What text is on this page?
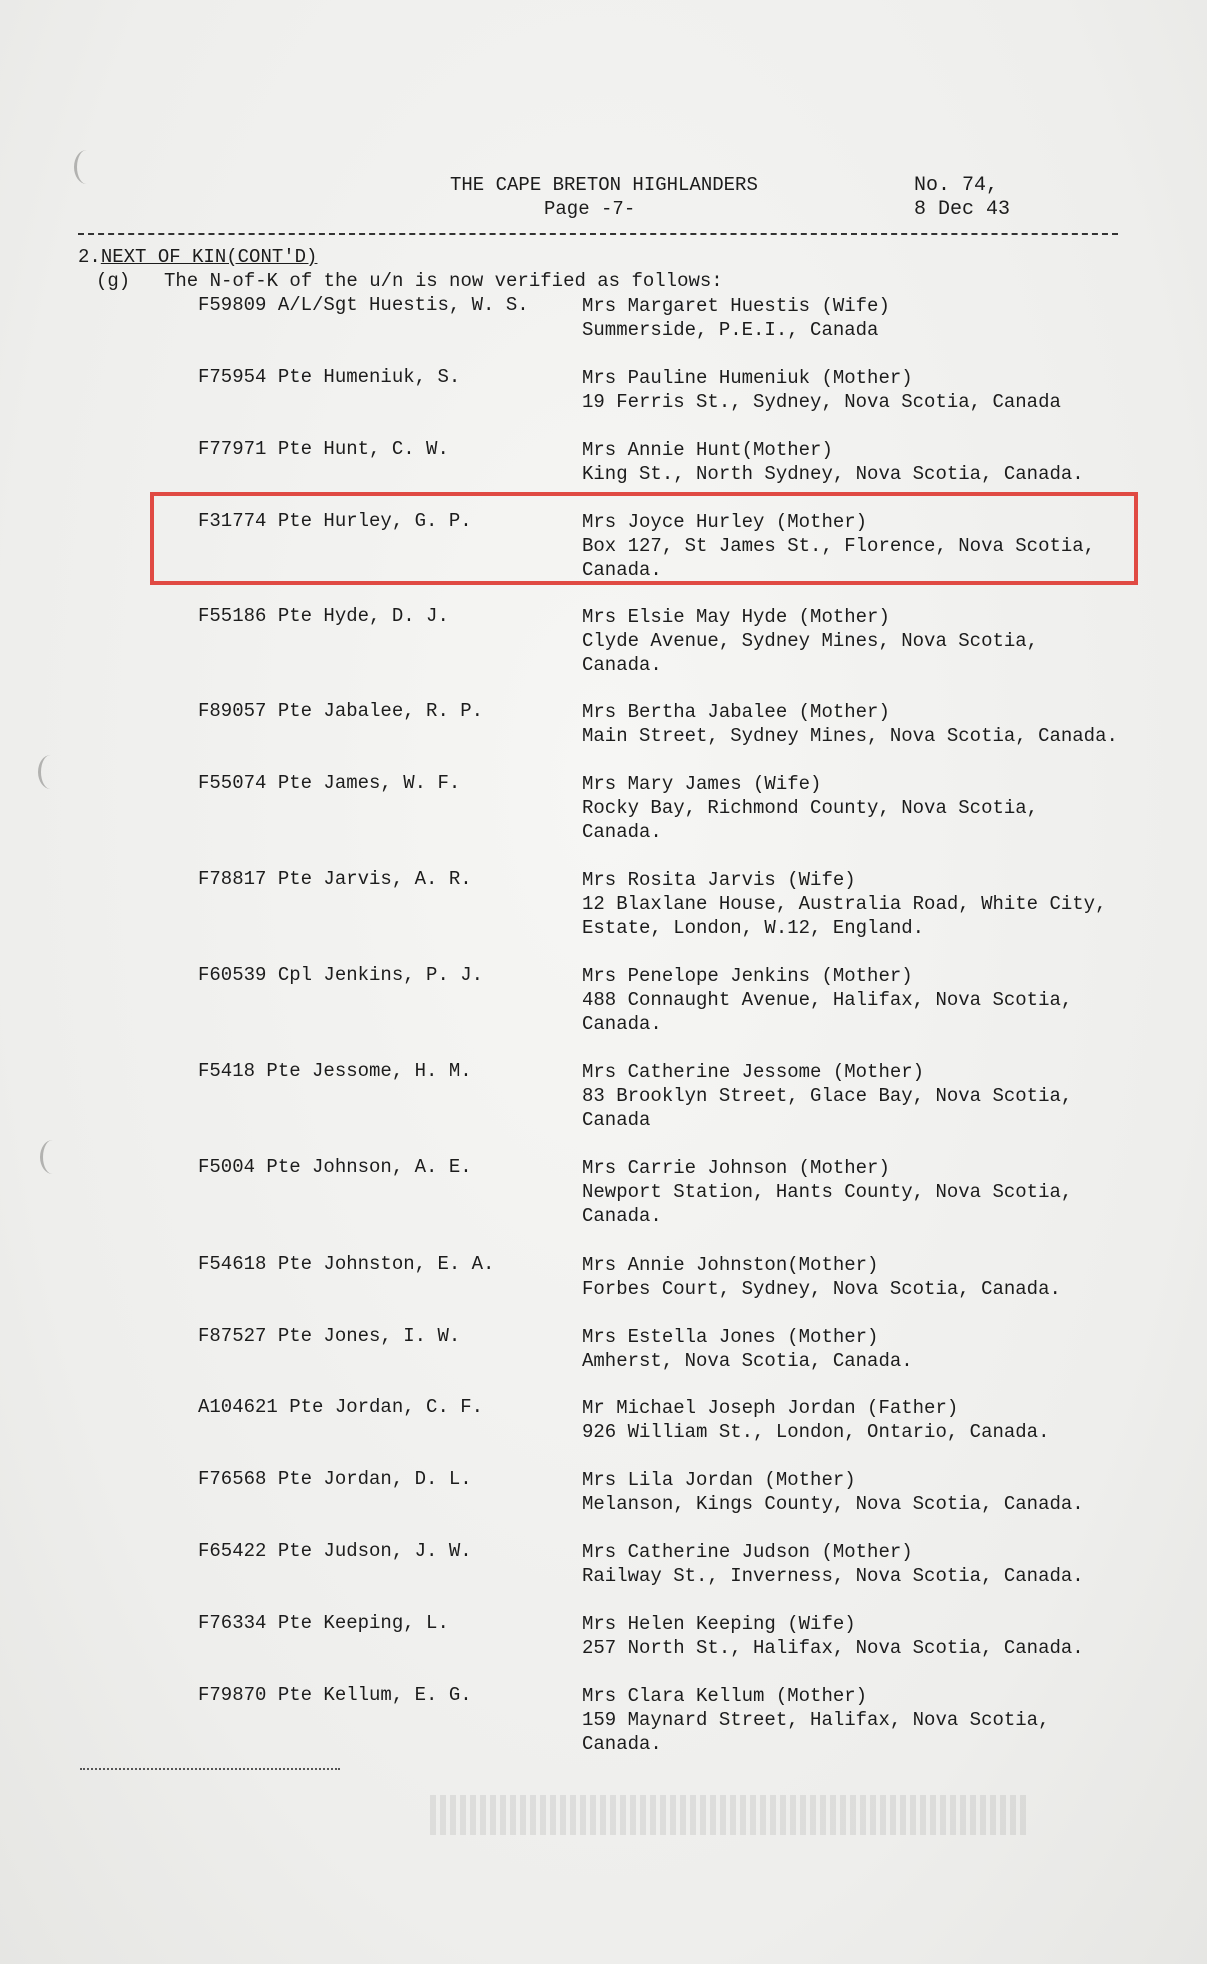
THE CAPE BRETON HIGHLANDERS
Page -7-
No. 74,
8 Dec 43
2.NEXT OF KIN(CONT'D)
(g) The N-of-K of the u/n is now verified as follows:
F59809 A/L/Sgt Huestis, W. S.	Mrs Margaret Huestis (Wife)
Summerside, P.E.I., Canada
F75954 Pte Humeniuk, S.	Mrs Pauline Humeniuk (Mother)
19 Ferris St., Sydney, Nova Scotia, Canada
F77971 Pte Hunt, C. W.	Mrs Annie Hunt(Mother)
King St., North Sydney, Nova Scotia, Canada.
F31774 Pte Hurley, G. P.	Mrs Joyce Hurley (Mother)
Box 127, St James St., Florence, Nova Scotia,
Canada.
F55186 Pte Hyde, D. J.	Mrs Elsie May Hyde (Mother)
Clyde Avenue, Sydney Mines, Nova Scotia,
Canada.
F89057 Pte Jabalee, R. P.	Mrs Bertha Jabalee (Mother)
Main Street, Sydney Mines, Nova Scotia, Canada.
F55074 Pte James, W. F.	Mrs Mary James (Wife)
Rocky Bay, Richmond County, Nova Scotia,
Canada.
F78817 Pte Jarvis, A. R.	Mrs Rosita Jarvis (Wife)
12 Blaxlane House, Australia Road, White City,
Estate, London, W.12, England.
F60539 Cpl Jenkins, P. J.	Mrs Penelope Jenkins (Mother)
488 Connaught Avenue, Halifax, Nova Scotia,
Canada.
F5418 Pte Jessome, H. M.	Mrs Catherine Jessome (Mother)
83 Brooklyn Street, Glace Bay, Nova Scotia,
Canada
F5004 Pte Johnson, A. E.	Mrs Carrie Johnson (Mother)
Newport Station, Hants County, Nova Scotia,
Canada.
F54618 Pte Johnston, E. A.	Mrs Annie Johnston(Mother)
Forbes Court, Sydney, Nova Scotia, Canada.
F87527 Pte Jones, I. W.	Mrs Estella Jones (Mother)
Amherst, Nova Scotia, Canada.
A104621 Pte Jordan, C. F.	Mr Michael Joseph Jordan (Father)
926 William St., London, Ontario, Canada.
F76568 Pte Jordan, D. L.	Mrs Lila Jordan (Mother)
Melanson, Kings County, Nova Scotia, Canada.
F65422 Pte Judson, J. W.	Mrs Catherine Judson (Mother)
Railway St., Inverness, Nova Scotia, Canada.
F76334 Pte Keeping, L.	Mrs Helen Keeping (Wife)
257 North St., Halifax, Nova Scotia, Canada.
F79870 Pte Kellum, E. G.	Mrs Clara Kellum (Mother)
159 Maynard Street, Halifax, Nova Scotia,
Canada.
